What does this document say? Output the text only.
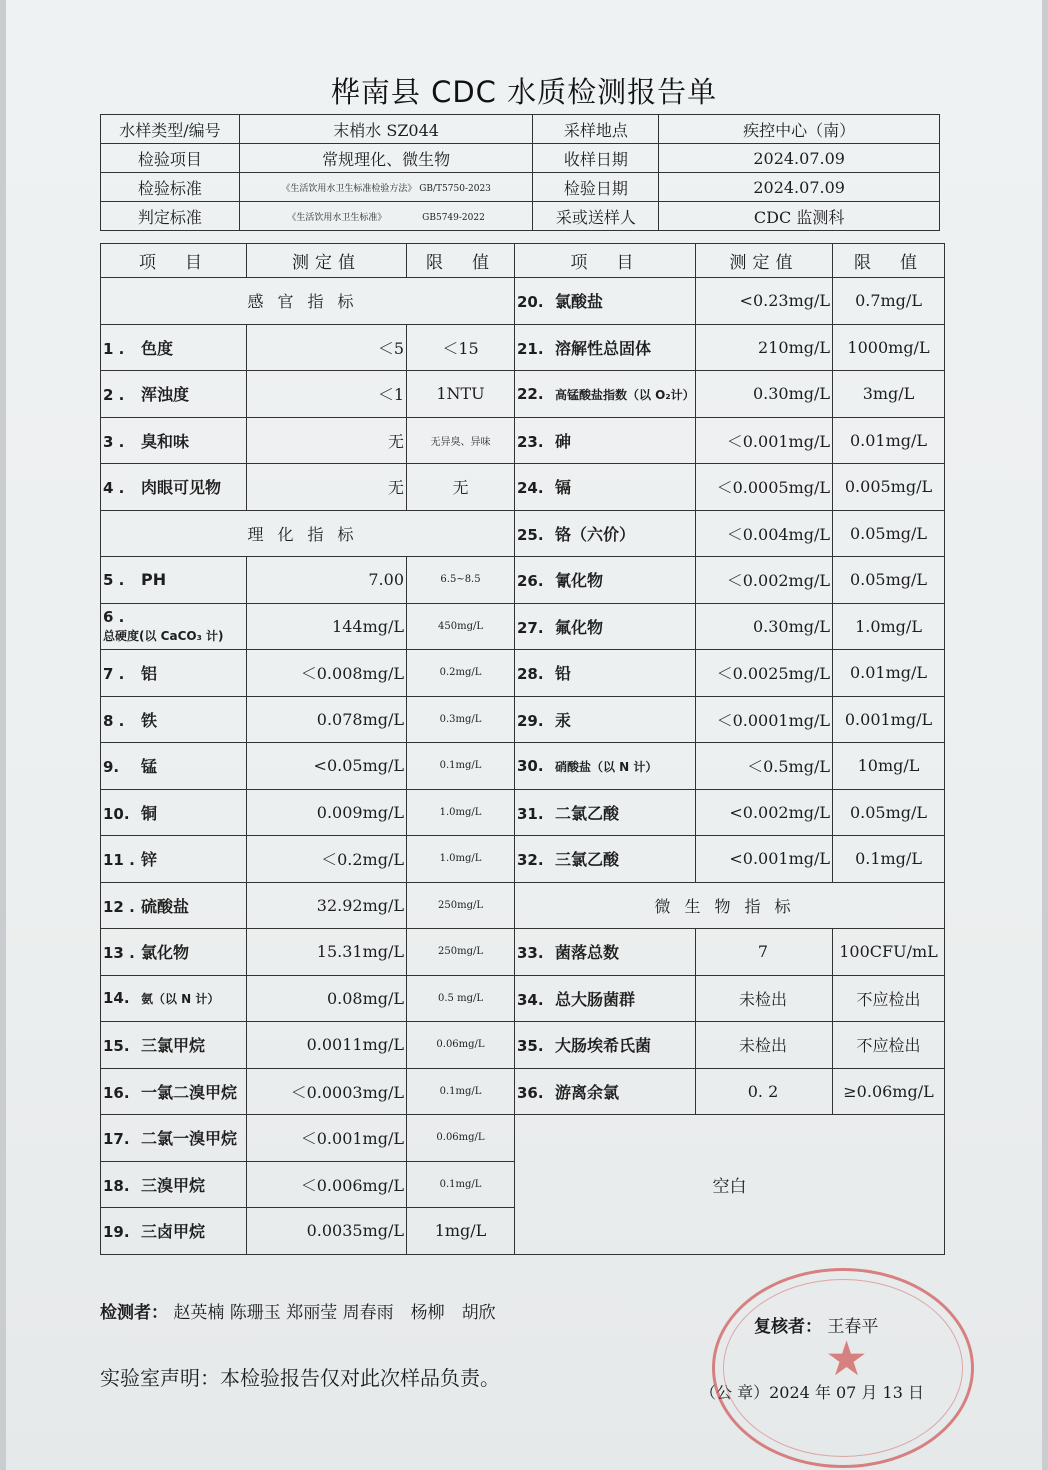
桦南县 CDC 水质检测报告单
水样类型/编号	末梢水 SZ044	采样地点	疾控中心（南）
检验项目	常规理化、微生物	收样日期	2024.07.09
检验标准	《生活饮用水卫生标准检验方法》 GB/T5750-2023	检验日期	2024.07.09
判定标准	《生活饮用水卫生标准》 GB5749-2022	采或送样人	CDC 监测科
项　目	测定值	限　值	项　目	测定值	限　值
感官指标			20. 氯酸盐	<0.23mg/L	0.7mg/L
1 . 色度	＜5	＜15	21. 溶解性总固体	210mg/L	1000mg/L
2 . 浑浊度	＜1	1NTU	22. 高锰酸盐指数（以 O₂计）	0.30mg/L	3mg/L
3 . 臭和味	无	无异臭、异味	23. 砷	＜0.001mg/L	0.01mg/L
4 . 肉眼可见物	无	无	24. 镉	＜0.0005mg/L	0.005mg/L
理化指标			25. 铬（六价）	＜0.004mg/L	0.05mg/L
5 . PH	7.00	6.5~8.5	26. 氰化物	＜0.002mg/L	0.05mg/L
6 .总硬度(以 CaCO₃ 计)	144mg/L	450mg/L	27. 氟化物	0.30mg/L	1.0mg/L
7 . 铝	＜0.008mg/L	0.2mg/L	28. 铅	＜0.0025mg/L	0.01mg/L
8 . 铁	0.078mg/L	0.3mg/L	29. 汞	＜0.0001mg/L	0.001mg/L
9. 锰	<0.05mg/L	0.1mg/L	30. 硝酸盐（以 N 计）	＜0.5mg/L	10mg/L
10. 铜	0.009mg/L	1.0mg/L	31. 二氯乙酸	<0.002mg/L	0.05mg/L
11 . 锌	＜0.2mg/L	1.0mg/L	32. 三氯乙酸	<0.001mg/L	0.1mg/L
12 . 硫酸盐	32.92mg/L	250mg/L	微生物指标		
13 . 氯化物	15.31mg/L	250mg/L	33. 菌落总数	7	100CFU/mL
14. 氨（以 N 计）	0.08mg/L	0.5 mg/L	34. 总大肠菌群	未检出	不应检出
15. 三氯甲烷	0.0011mg/L	0.06mg/L	35. 大肠埃希氏菌	未检出	不应检出
16. 一氯二溴甲烷	＜0.0003mg/L	0.1mg/L	36. 游离余氯	0. 2	≥0.06mg/L
17. 二氯一溴甲烷	＜0.001mg/L	0.06mg/L	空白		
18. 三溴甲烷	＜0.006mg/L	0.1mg/L			
19. 三卤甲烷	0.0035mg/L	1mg/L			
检测者： 赵英楠 陈珊玉 郑丽莹 周春雨　杨柳　胡欣
复核者： 王春平
实验室声明：本检验报告仅对此次样品负责。
（公 章）2024 年 07 月 13 日
★
